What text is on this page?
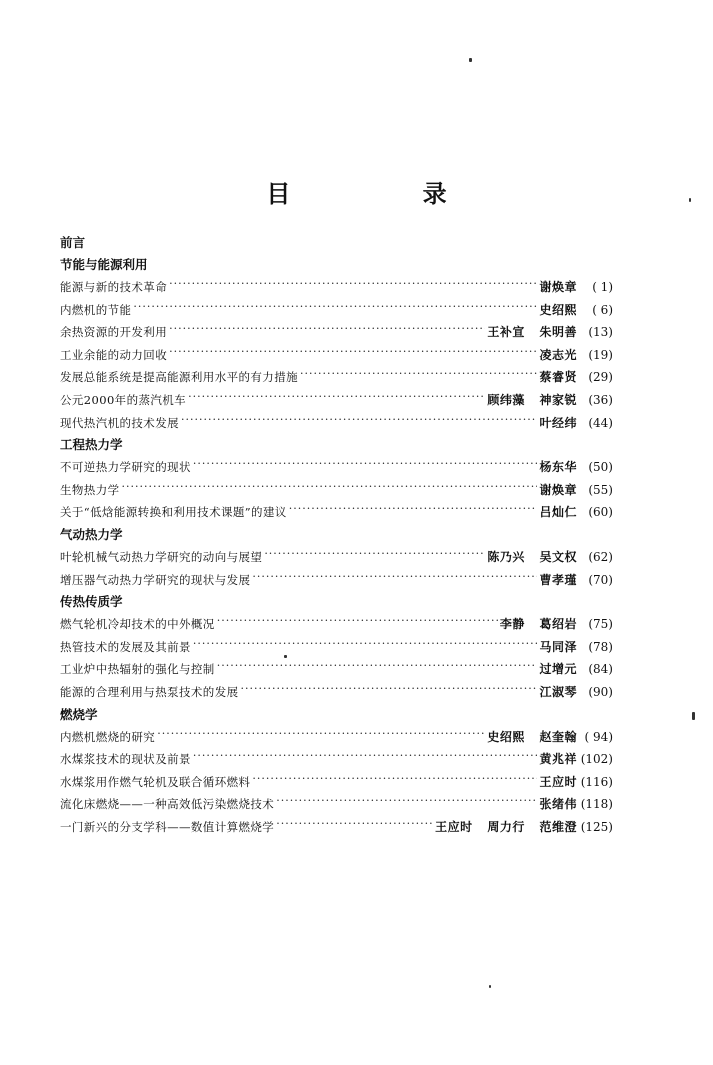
目 录
前言
节能与能源利用
能源与新的技术革命 ·····	谢焕章	( 1)
内燃机的节能 ·····	史绍熙	( 6)
余热资源的开发利用 ·····	王补宣 朱明善 (13)
工业余能的动力回收 ·····	凌志光 (19)
发展总能系统是提高能源利用水平的有力措施 ·····	蔡睿贤 (29)
公元2000年的蒸汽机车 ·····	顾纬藻 神家锐 (36)
现代热汽机的技术发展 ·····	叶经纬 (44)
工程热力学
不可逆热力学研究的现状 ·····	杨东华 (50)
生物热力学 ·····	谢焕章 (55)
关于“低焓能源转换和利用技术课题”的建议 ·····	吕灿仁 (60)
气动热力学
叶轮机械气动热力学研究的动向与展望 ·····	陈乃兴 吴文权 (62)
增压器气动热力学研究的现状与发展 ·····	曹孝瑾 (70)
传热传质学
燃气轮机冷却技术的中外概况 ·····	李静 葛绍岩 (75)
热管技术的发展及其前景 ·····	马同泽 (78)
工业炉中热辐射的强化与控制 ·····	过增元 (84)
能源的合理利用与热泵技术的发展 ·····	江淑琴 (90)
燃烧学
内燃机燃烧的研究 ·····	史绍熙 赵奎翰 ( 94)
水煤浆技术的现状及前景 ·····	黄兆祥 (102)
水煤浆用作燃气轮机及联合循环燃料 ·····	王应时 (116)
流化床燃烧——一种高效低污染燃烧技术 ·····	张绪伟 (118)
一门新兴的分支学科——数值计算燃烧学 ·····	王应时 周力行 范维澄 (125)
